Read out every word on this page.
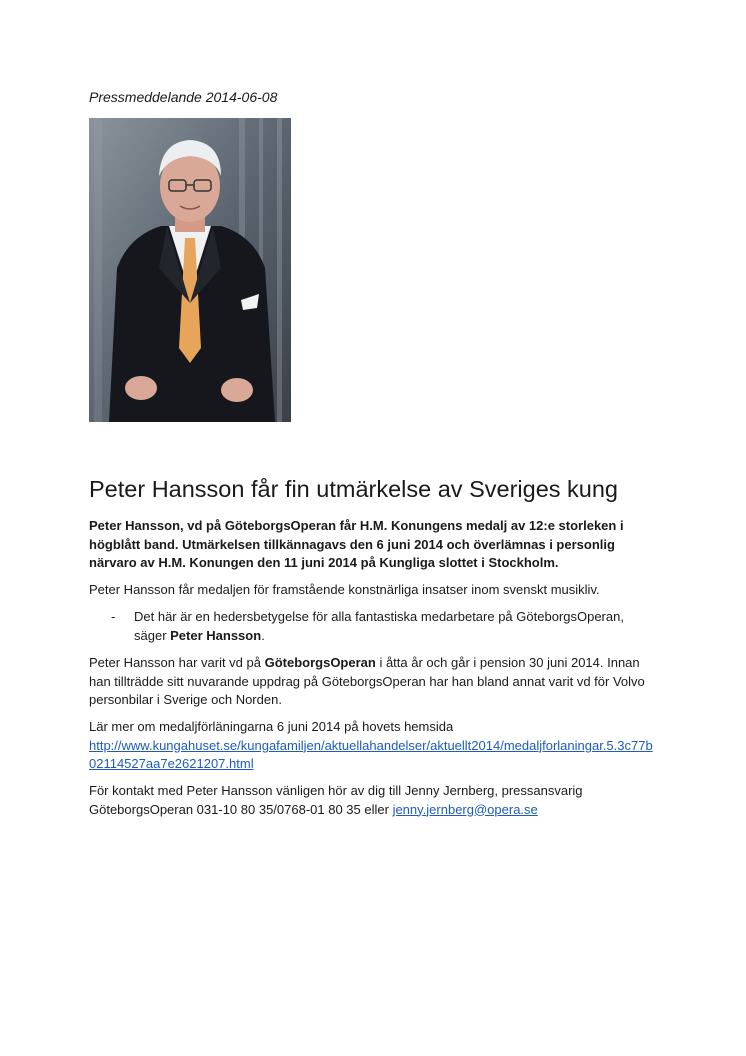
Pressmeddelande 2014-06-08
Peter Hansson får fin utmärkelse av Sveriges kung
Peter Hansson, vd på GöteborgsOperan får H.M. Konungens medalj av 12:e storleken i högblått band. Utmärkelsen tillkännagavs den 6 juni 2014 och överlämnas i personlig närvaro av H.M. Konungen den 11 juni 2014 på Kungliga slottet i Stockholm.
Peter Hansson får medaljen för framstående konstnärliga insatser inom svenskt musikliv.
- Det här är en hedersbetygelse för alla fantastiska medarbetare på GöteborgsOperan, säger Peter Hansson.
Peter Hansson har varit vd på GöteborgsOperan i åtta år och går i pension 30 juni 2014. Innan han tillträdde sitt nuvarande uppdrag på GöteborgsOperan har han bland annat varit vd för Volvo personbilar i Sverige och Norden.
Lär mer om medaljförläningarna 6 juni 2014 på hovets hemsida
http://www.kungahuset.se/kungafamiljen/aktuellahandelser/aktuellt2014/medaljforlaningar.5.3c77b02114527aa7e2621207.html
För kontakt med Peter Hansson vänligen hör av dig till Jenny Jernberg, pressansvarig GöteborgsOperan 031-10 80 35/0768-01 80 35 eller jenny.jernberg@opera.se
